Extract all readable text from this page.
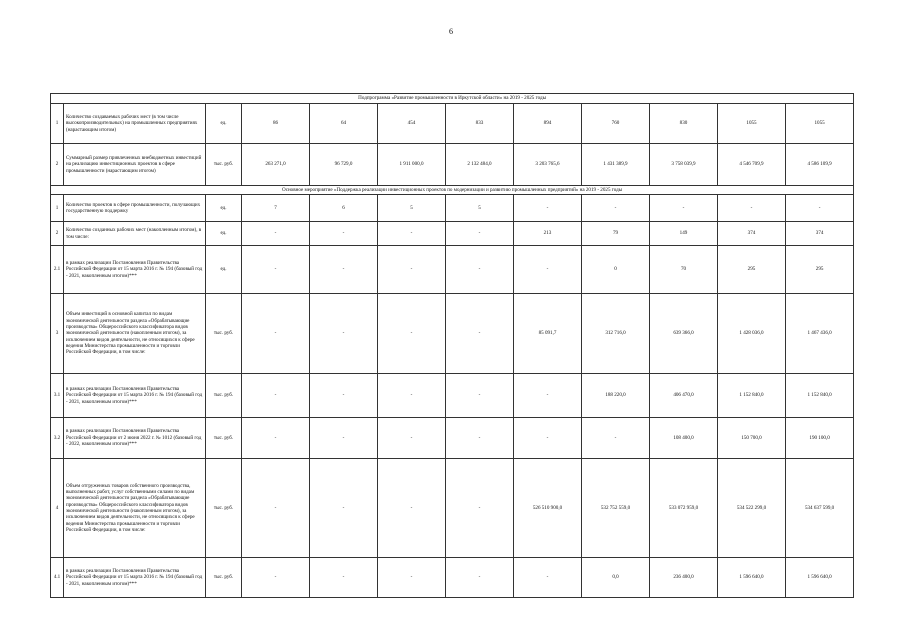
6
Подпрограмма «Развитие промышленности в Иркутской области» на 2019 - 2025 годы											
1	Количество создаваемых рабочих мест (в том числе высокопроизводительных) на промышленных предприятиях (нарастающим итогом)	ед.	86	64	454	833	894	760	830	1055	1055
2	Суммарный размер привлеченных внебюджетных инвестиций на реализацию инвестиционных проектов в сфере промышленности (нарастающим итогом)	тыс. руб.	263 271,0	96 729,0	1 911 000,0	2 132 484,0	3 203 765,6	1 431 389,9	3 758 039,9	4 546 709,9	4 586 109,9
Основное мероприятие «Поддержка реализации инвестиционных проектов по модернизации и развитию промышленных предприятий» на 2019 - 2025 годы											
1	Количество проектов в сфере промышленности, получающих государственную поддержку	ед.	7	6	5	5	-	-	-	-	-
2	Количество созданных рабочих мест (накопленным итогом), в том числе:	ед.	-	-	-	-	213	79	149	374	374
2.1	в рамках реализации Постановления Правительства Российской Федерации от 15 марта 2016 г. № 194 (базовый год - 2021, накопленным итогом)***	ед.	-	-	-	-	-	0	70	295	295
3	Объем инвестиций в основной капитал по видам экономической деятельности раздела «Обрабатывающие производства» Общероссийского классификатора видов экономической деятельности (накопленным итогом), за исключением видов деятельности, не относящихся к сфере ведения Министерства промышленности и торговли Российской Федерации, в том числе:	тыс. руб.	-	-	-	-	85 091,7	312 716,0	639 366,0	1 428 036,0	1 467 436,0
3.1	в рамках реализации Постановления Правительства Российской Федерации от 15 марта 2016 г. № 194 (базовый год - 2021, накопленным итогом)***	тыс. руб.	-	-	-	-	-	188 220,0	406 470,0	1 152 840,0	1 152 840,0
3.2	в рамках реализации Постановления Правительства Российской Федерации от 2 июня 2022 г. № 1012 (базовый год - 2022, накопленным итогом)***	тыс. руб.	-	-	-	-	-	-	108 400,0	150 700,0	190 100,0
4	Объем отгруженных товаров собственного производства, выполненных работ, услуг собственными силами по видам экономической деятельности раздела «Обрабатывающие производства» Общероссийского классификатора видов экономической деятельности (накопленным итогом), за исключением видов деятельности, не относящихся к сфере ведения Министерства промышленности и торговли Российской Федерации, в том числе:	тыс. руб.	-	-	-	-	526 510 900,0	532 752 559,0	533 072 959,0	534 522 299,0	534 637 599,0
4.1	в рамках реализации Постановления Правительства Российской Федерации от 15 марта 2016 г. № 194 (базовый год - 2021, накопленным итогом)***	тыс. руб.	-	-	-	-	-	0,0	236 400,0	1 596 640,0	1 596 640,0
